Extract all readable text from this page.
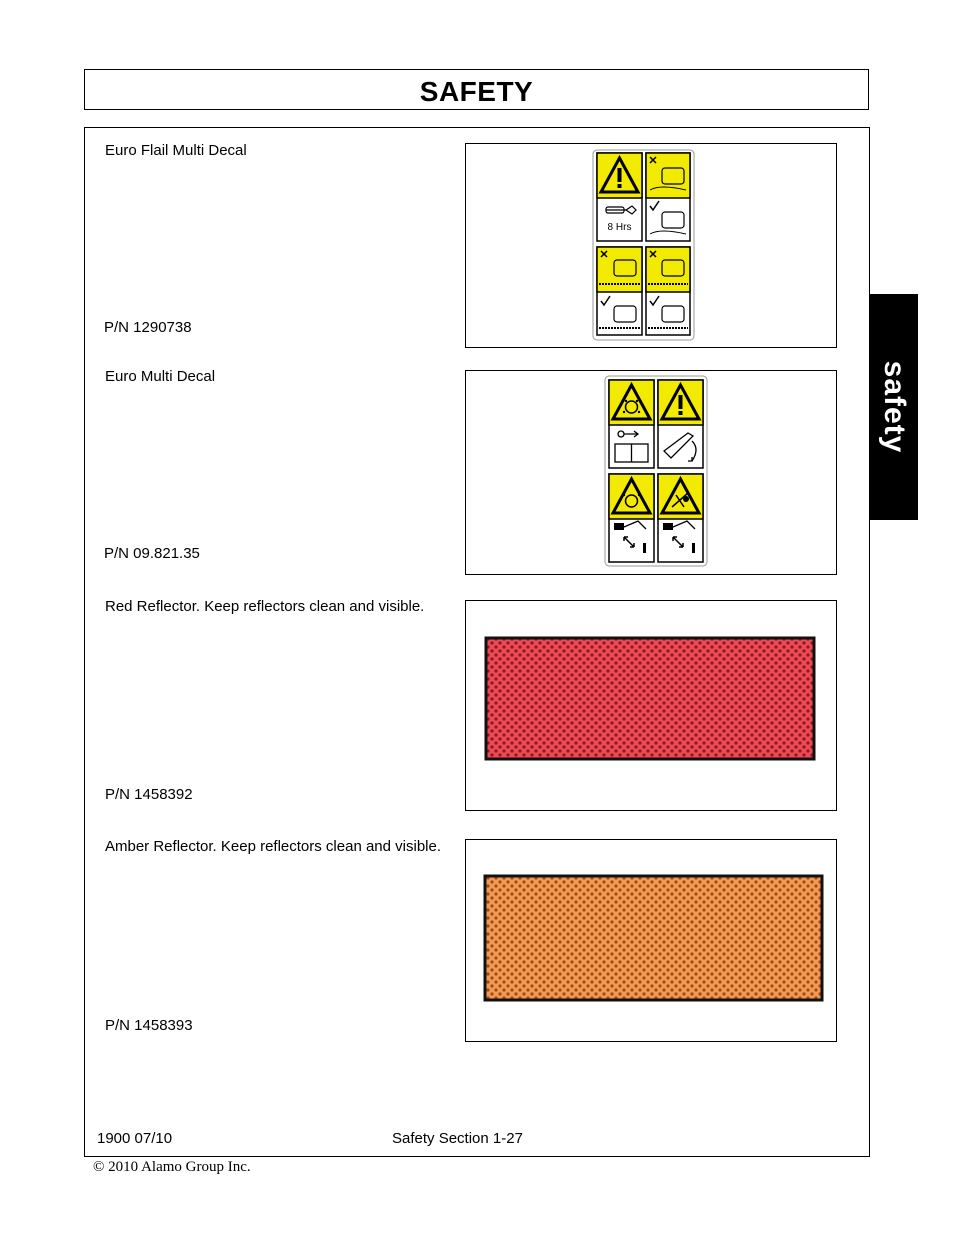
SAFETY
safety
Euro Flail Multi Decal
P/N 1290738
8 Hrs
Euro Multi Decal
P/N 09.821.35
Red Reflector. Keep reflectors clean and visible.
P/N 1458392
Amber Reflector. Keep reflectors clean and visible.
P/N 1458393
1900 07/10	Safety Section 1-27
© 2010 Alamo Group Inc.
